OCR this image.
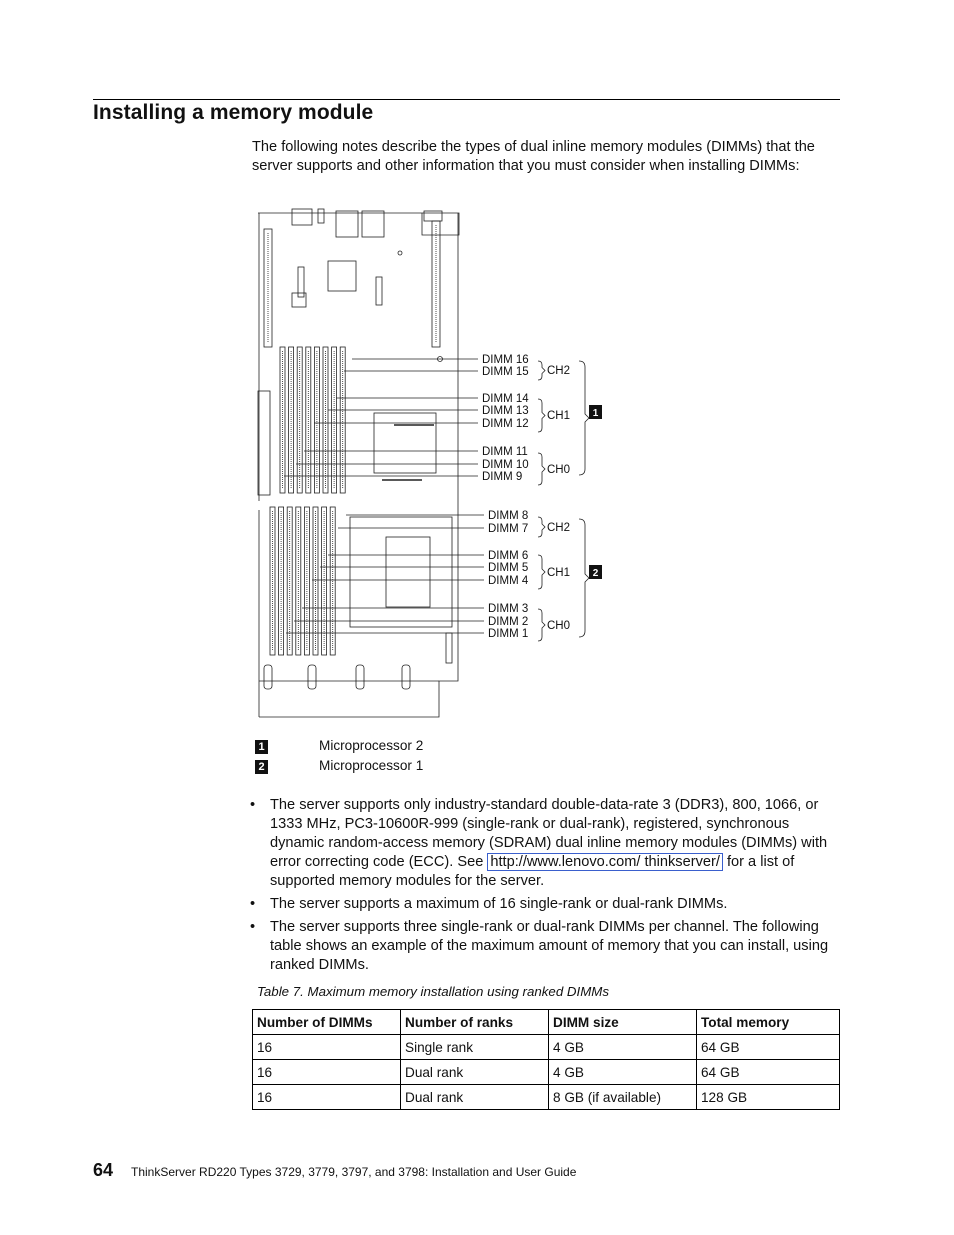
Installing a memory module
The following notes describe the types of dual inline memory modules (DIMMs) that the server supports and other information that you must consider when installing DIMMs:
DIMM 16
DIMM 15
DIMM 14
DIMM 13
DIMM 12
DIMM 11
DIMM 10
DIMM 9
DIMM 8
DIMM 7
DIMM 6
DIMM 5
DIMM 4
DIMM 3
DIMM 2
DIMM 1
CH2
CH1
CH0
CH2
CH1
CH0
1
2
1	Microprocessor 2
2	Microprocessor 1
• The server supports only industry-standard double-data-rate 3 (DDR3), 800, 1066, or 1333 MHz, PC3-10600R-999 (single-rank or dual-rank), registered, synchronous dynamic random-access memory (SDRAM) dual inline memory modules (DIMMs) with error correcting code (ECC). See http://www.lenovo.com/ thinkserver/ for a list of supported memory modules for the server.
• The server supports a maximum of 16 single-rank or dual-rank DIMMs.
• The server supports three single-rank or dual-rank DIMMs per channel. The following table shows an example of the maximum amount of memory that you can install, using ranked DIMMs.
Table 7. Maximum memory installation using ranked DIMMs
Number of DIMMs	Number of ranks	DIMM size	Total memory
16	Single rank	4 GB	64 GB
16	Dual rank	4 GB	64 GB
16	Dual rank	8 GB (if available)	128 GB
64 ThinkServer RD220 Types 3729, 3779, 3797, and 3798: Installation and User Guide
